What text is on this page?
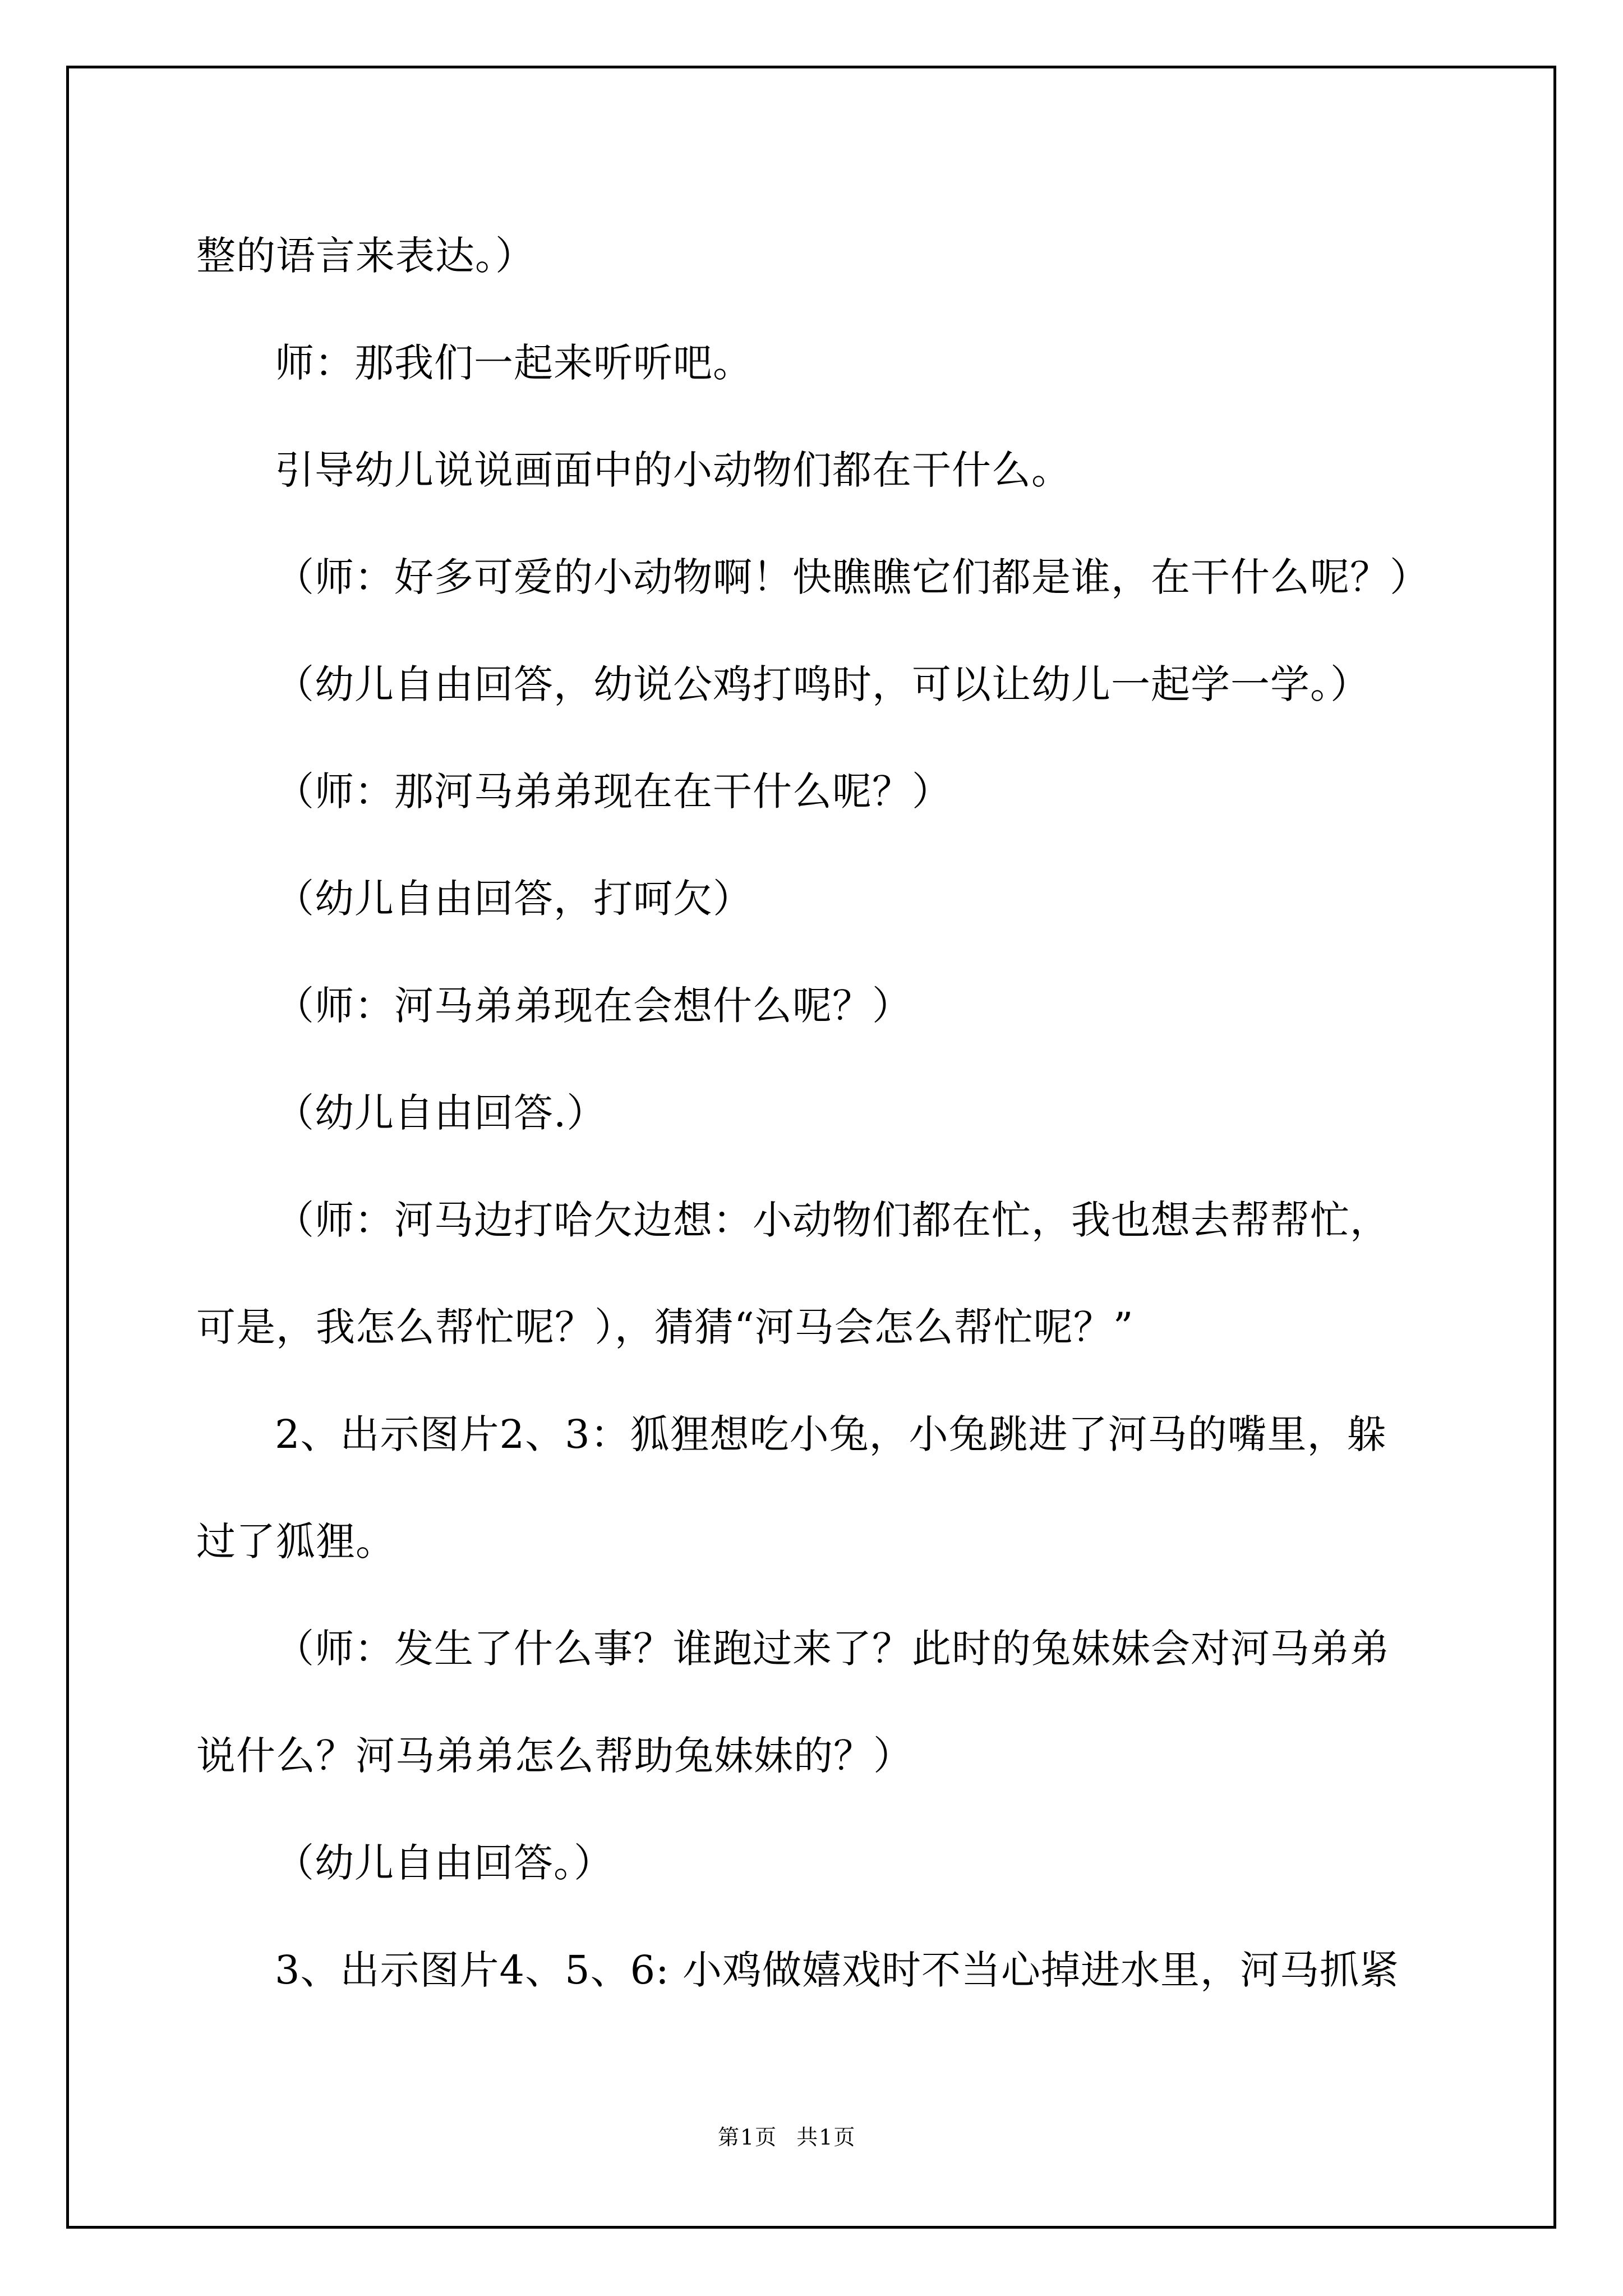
整的语言来表达。）
师：那我们一起来听听吧。
引导幼儿说说画面中的小动物们都在干什么。
（师：好多可爱的小动物啊！快瞧瞧它们都是谁，在干什么呢？）
（幼儿自由回答，幼说公鸡打鸣时，可以让幼儿一起学一学。）
（师：那河马弟弟现在在干什么呢？）
（幼儿自由回答，打呵欠）
（师：河马弟弟现在会想什么呢？）
（幼儿自由回答.）
（师：河马边打哈欠边想：小动物们都在忙，我也想去帮帮忙，
可是，我怎么帮忙呢？），猜猜“河马会怎么帮忙呢？”
2、出示图片2、3：狐狸想吃小兔，小兔跳进了河马的嘴里，躲
过了狐狸。
（师：发生了什么事？谁跑过来了？此时的兔妹妹会对河马弟弟
说什么？河马弟弟怎么帮助兔妹妹的？）
（幼儿自由回答。）
3、出示图片4、5、6: 小鸡做嬉戏时不当心掉进水里，河马抓紧
第1页 共1页
